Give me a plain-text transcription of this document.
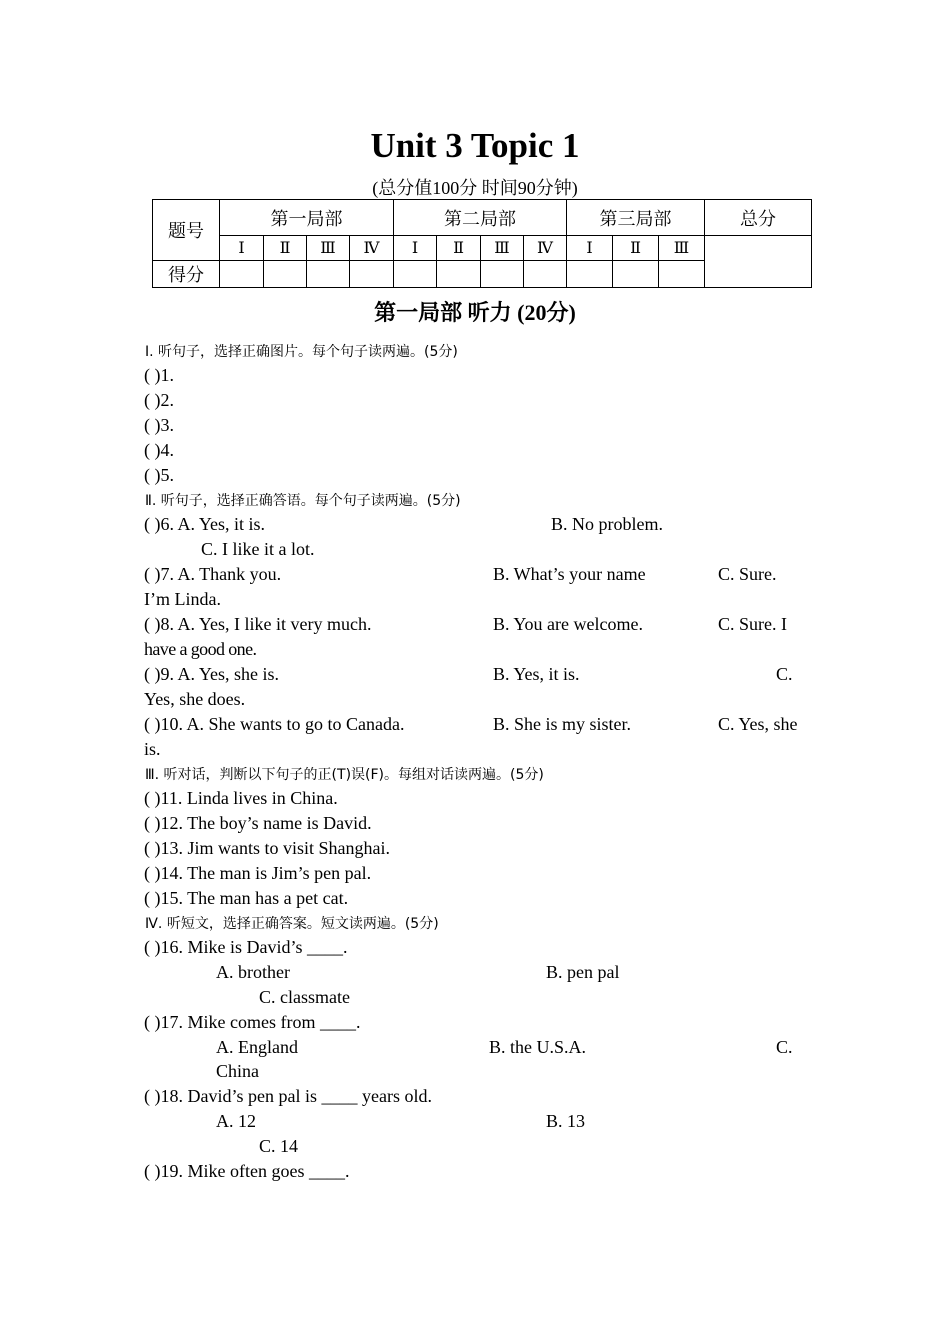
Unit 3 Topic 1
(总分值100分 时间90分钟)
题号	第一局部				第二局部				第三局部			总分
	Ⅰ	Ⅱ	Ⅲ	Ⅳ	Ⅰ	Ⅱ	Ⅲ	Ⅳ	Ⅰ	Ⅱ	Ⅲ	
得分												
第一局部 听力 (20分)
Ⅰ. 听句子，选择正确图片。每个句子读两遍。(5分)
( )1.
( )2.
( )3.
( )4.
( )5.
Ⅱ. 听句子，选择正确答语。每个句子读两遍。(5分)
( )6. A. Yes, it is.	B. No problem.
C. I like it a lot.
( )7. A. Thank you.	B. What’s your name	C. Sure.
I’m Linda.
( )8. A. Yes, I like it very much.	B. You are welcome.	C. Sure. I
have a good one.
( )9. A. Yes, she is.	B. Yes, it is.	C.
Yes, she does.
( )10. A. She wants to go to Canada.	B. She is my sister.	C. Yes, she
is.
Ⅲ. 听对话，判断以下句子的正(T)误(F)。每组对话读两遍。(5分)
( )11. Linda lives in China.
( )12. The boy’s name is David.
( )13. Jim wants to visit Shanghai.
( )14. The man is Jim’s pen pal.
( )15. The man has a pet cat.
Ⅳ. 听短文，选择正确答案。短文读两遍。(5分)
( )16. Mike is David’s ____.
A. brother	B. pen pal
C. classmate
( )17. Mike comes from ____.
A. England	B. the U.S.A.	C.
China
( )18. David’s pen pal is ____ years old.
A. 12	B. 13
C. 14
( )19. Mike often goes ____.
